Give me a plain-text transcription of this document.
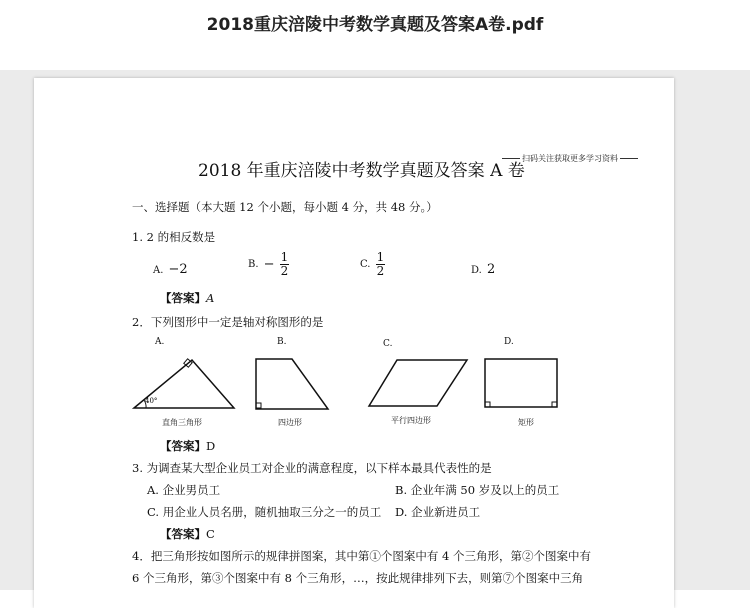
2018重庆涪陵中考数学真题及答案A卷.pdf
2018 年重庆涪陵中考数学真题及答案 A 卷
扫码关注获取更多学习资料
一、选择题（本大题 12 个小题，每小题 4 分，共 48 分。）
1. 2 的相反数是
A. −2	B. − $\frac{1}{2}$	C. $\frac{1}{2}$	D. 2
【答案】A
2．下列图形中一定是轴对称图形的是
A.	B.	C.	D.
40°
直角三角形	四边形	平行四边形	矩形
【答案】D
3. 为调查某大型企业员工对企业的满意程度，以下样本最具代表性的是
A. 企业男员工	B. 企业年满 50 岁及以上的员工
C. 用企业人员名册，随机抽取三分之一的员工 D. 企业新进员工
【答案】C
4．把三角形按如图所示的规律拼图案，其中第①个图案中有 4 个三角形，第②个图案中有
6 个三角形，第③个图案中有 8 个三角形，…，按此规律排列下去，则第⑦个图案中三角
